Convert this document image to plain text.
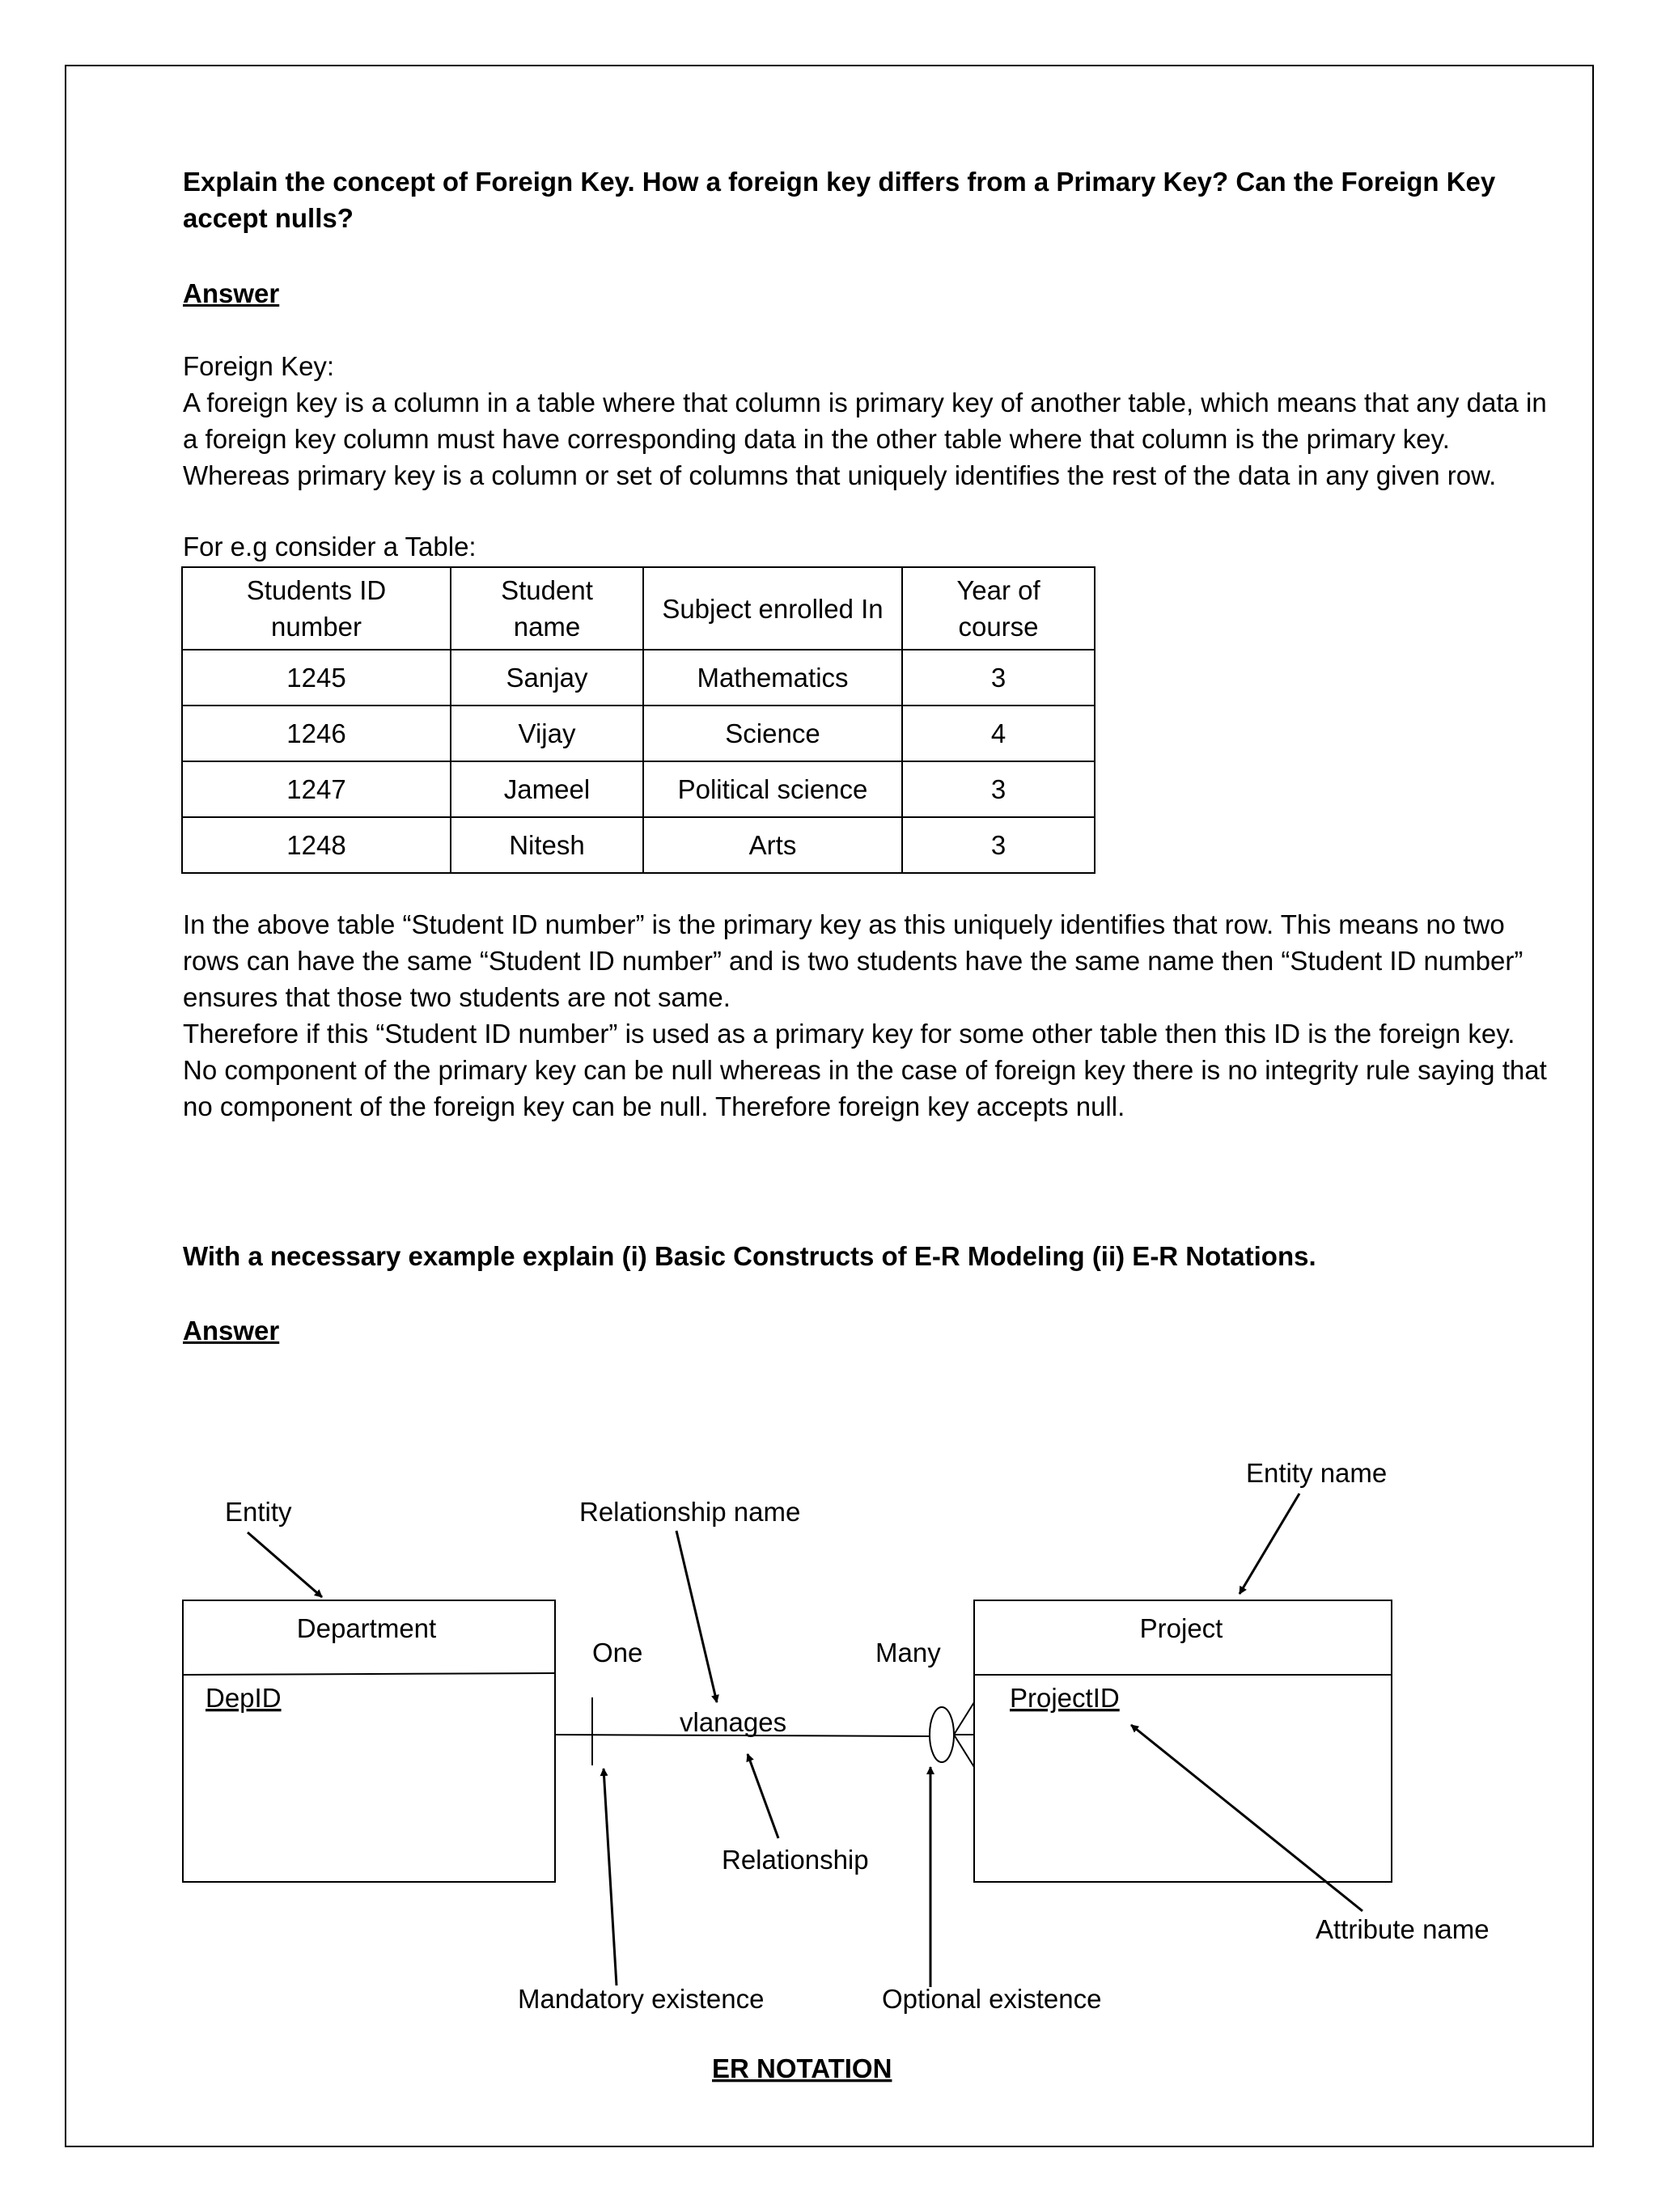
Explain the concept of Foreign Key. How a foreign key differs from a Primary Key? Can the Foreign Key accept nulls?
Answer
Foreign Key:

A foreign key is a column in a table where that column is primary key of another table, which means that any data in a foreign key column must have corresponding data in the other table where that column is the primary key. Whereas primary key is a column or set of columns that uniquely identifies the rest of the data in any given row.

For e.g consider a Table:
Students ID number	Student name	Subject enrolled In	Year of course

1245	Sanjay	Mathematics	3
1246	Vijay	Science	4
1247	Jameel	Political science	3
1248	Nitesh	Arts	3

In the above table “Student ID number” is the primary key as this uniquely identifies that row. This means no two rows can have the same “Student ID number” and is two students have the same name then “Student ID number” ensures that those two students are not same.

Therefore if this “Student ID number” is used as a primary key for some other table then this ID is the foreign key. No component of the primary key can be null whereas in the case of foreign key there is no integrity rule saying that no component of the foreign key can be null. Therefore foreign key accepts null.

With a necessary example explain (i) Basic Constructs of E-R Modeling (ii) E-R Notations.
Answer
Department
DepID
Project
ProjectID
Entity	Relationship name
Entity name
One	Many
vlanages
Relationship
Attribute name
Mandatory existence	Optional existence
ER NOTATION
